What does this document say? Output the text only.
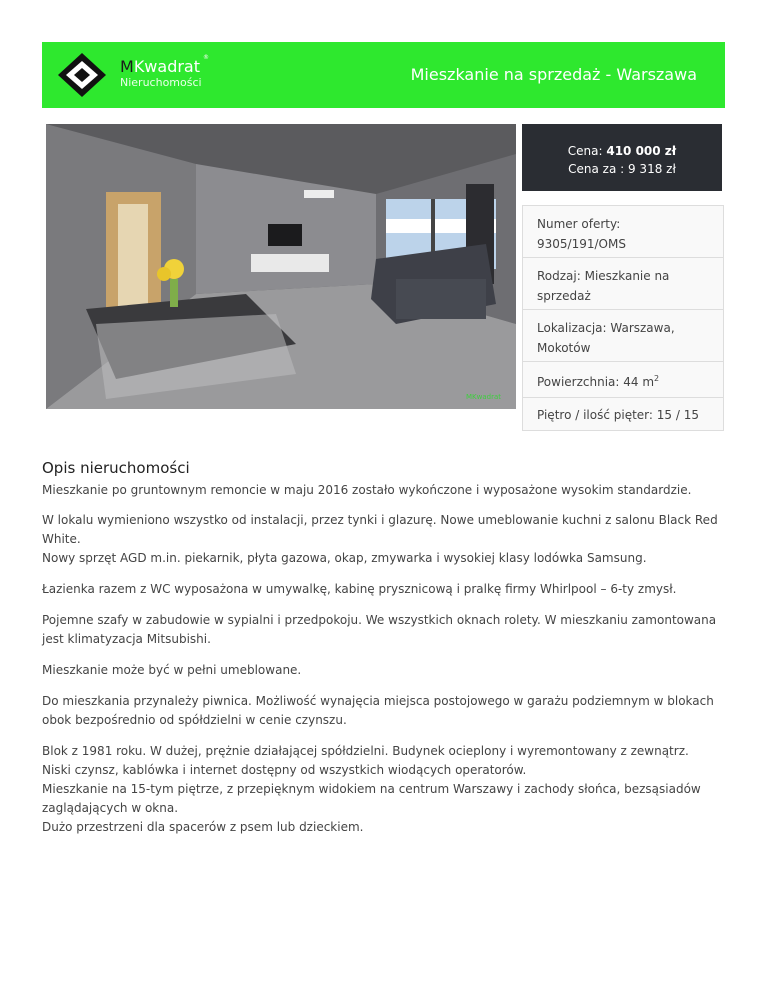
MKwadrat
Nieruchomości
®
Mieszkanie na sprzedaż - Warszawa
MKwadrat
Cena: 410 000 zł
Cena za : 9 318 zł
Numer oferty: 9305/191/OMS
Rodzaj: Mieszkanie na sprzedaż
Lokalizacja: Warszawa, Mokotów
Powierzchnia: 44 $m^2$
Piętro / ilość pięter: 15 / 15
Opis nieruchomości

Mieszkanie po gruntownym remoncie w maju 2016 zostało wykończone i wyposażone wysokim standardzie.

W lokalu wymieniono wszystko od instalacji, przez tynki i glazurę. Nowe umeblowanie kuchni z salonu Black Red White.
Nowy sprzęt AGD m.in. piekarnik, płyta gazowa, okap, zmywarka i wysokiej klasy lodówka Samsung.

Łazienka razem z WC wyposażona w umywalkę, kabinę prysznicową i pralkę firmy Whirlpool – 6-ty zmysł.

Pojemne szafy w zabudowie w sypialni i przedpokoju. We wszystkich oknach rolety. W mieszkaniu zamontowana jest klimatyzacja Mitsubishi.

Mieszkanie może być w pełni umeblowane.

Do mieszkania przynależy piwnica. Możliwość wynajęcia miejsca postojowego w garażu podziemnym w blokach obok bezpośrednio od spółdzielni w cenie czynszu.

Blok z 1981 roku. W dużej, prężnie działającej spółdzielni. Budynek ocieplony i wyremontowany z zewnątrz.
Niski czynsz, kablówka i internet dostępny od wszystkich wiodących operatorów.
Mieszkanie na 15-tym piętrze, z przepięknym widokiem na centrum Warszawy i zachody słońca, bezsąsiadów zaglądających w okna.
Dużo przestrzeni dla spacerów z psem lub dzieckiem.
